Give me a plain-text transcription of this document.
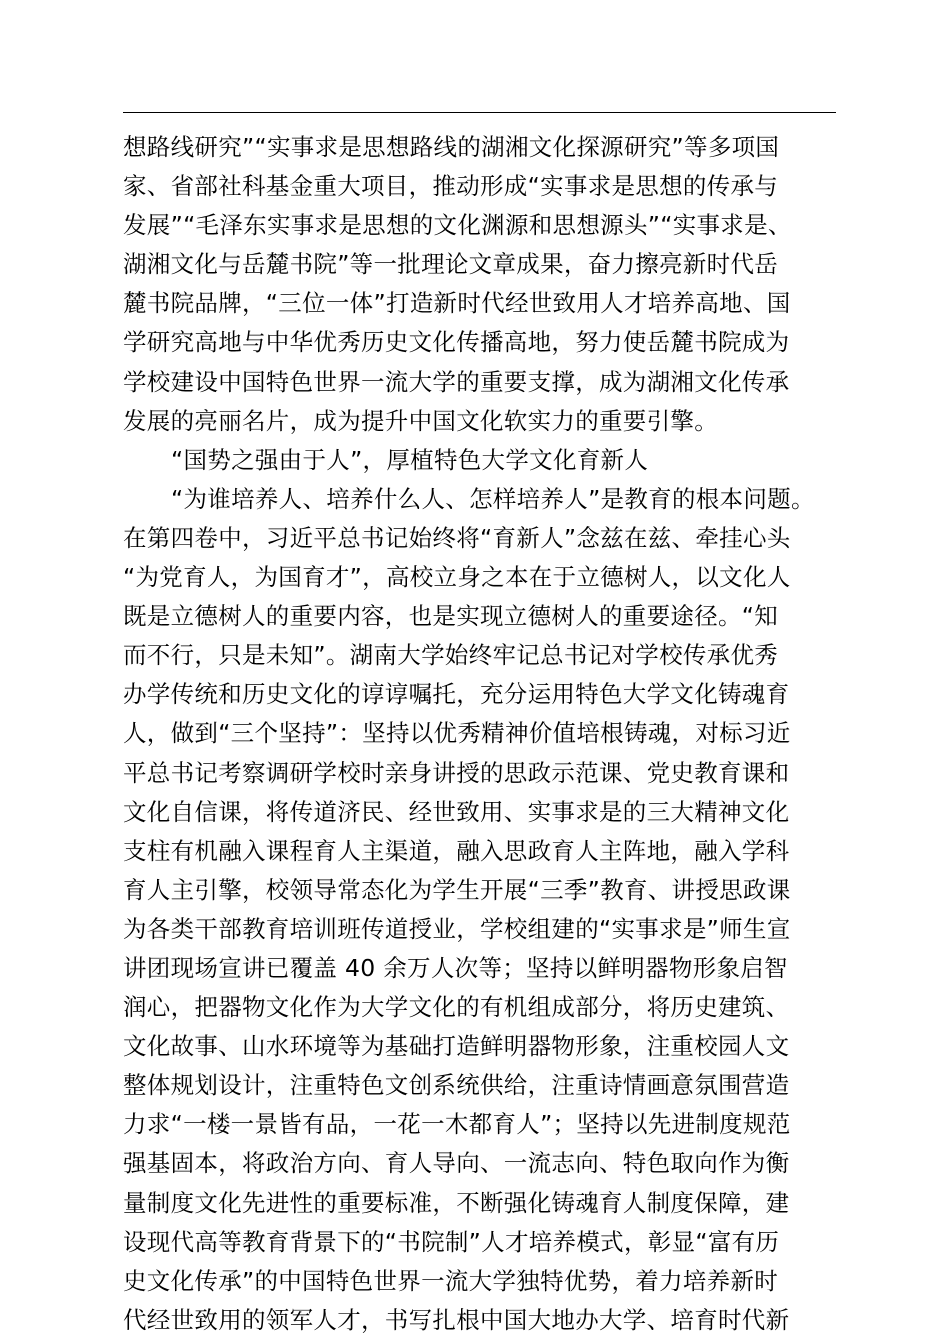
想路线研究”“实事求是思想路线的湖湘文化探源研究”等多项国
家、省部社科基金重大项目，推动形成“实事求是思想的传承与
发展”“毛泽东实事求是思想的文化渊源和思想源头”“实事求是、
湖湘文化与岳麓书院”等一批理论文章成果，奋力擦亮新时代岳
麓书院品牌，“三位一体”打造新时代经世致用人才培养高地、国
学研究高地与中华优秀历史文化传播高地，努力使岳麓书院成为
学校建设中国特色世界一流大学的重要支撑，成为湖湘文化传承
发展的亮丽名片，成为提升中国文化软实力的重要引擎。
“国势之强由于人”，厚植特色大学文化育新人
“为谁培养人、培养什么人、怎样培养人”是教育的根本问题。
在第四卷中，习近平总书记始终将“育新人”念兹在兹、牵挂心头
“为党育人，为国育才”，高校立身之本在于立德树人，以文化人
既是立德树人的重要内容，也是实现立德树人的重要途径。“知
而不行，只是未知”。湖南大学始终牢记总书记对学校传承优秀
办学传统和历史文化的谆谆嘱托，充分运用特色大学文化铸魂育
人，做到“三个坚持”：坚持以优秀精神价值培根铸魂，对标习近
平总书记考察调研学校时亲身讲授的思政示范课、党史教育课和
文化自信课，将传道济民、经世致用、实事求是的三大精神文化
支柱有机融入课程育人主渠道，融入思政育人主阵地，融入学科
育人主引擎，校领导常态化为学生开展“三季”教育、讲授思政课
为各类干部教育培训班传道授业，学校组建的“实事求是”师生宣
讲团现场宣讲已覆盖 40 余万人次等；坚持以鲜明器物形象启智
润心，把器物文化作为大学文化的有机组成部分，将历史建筑、
文化故事、山水环境等为基础打造鲜明器物形象，注重校园人文
整体规划设计，注重特色文创系统供给，注重诗情画意氛围营造
力求“一楼一景皆有品，一花一木都育人”；坚持以先进制度规范
强基固本，将政治方向、育人导向、一流志向、特色取向作为衡
量制度文化先进性的重要标准，不断强化铸魂育人制度保障，建
设现代高等教育背景下的“书院制”人才培养模式，彰显“富有历
史文化传承”的中国特色世界一流大学独特优势，着力培养新时
代经世致用的领军人才，书写扎根中国大地办大学、培育时代新
